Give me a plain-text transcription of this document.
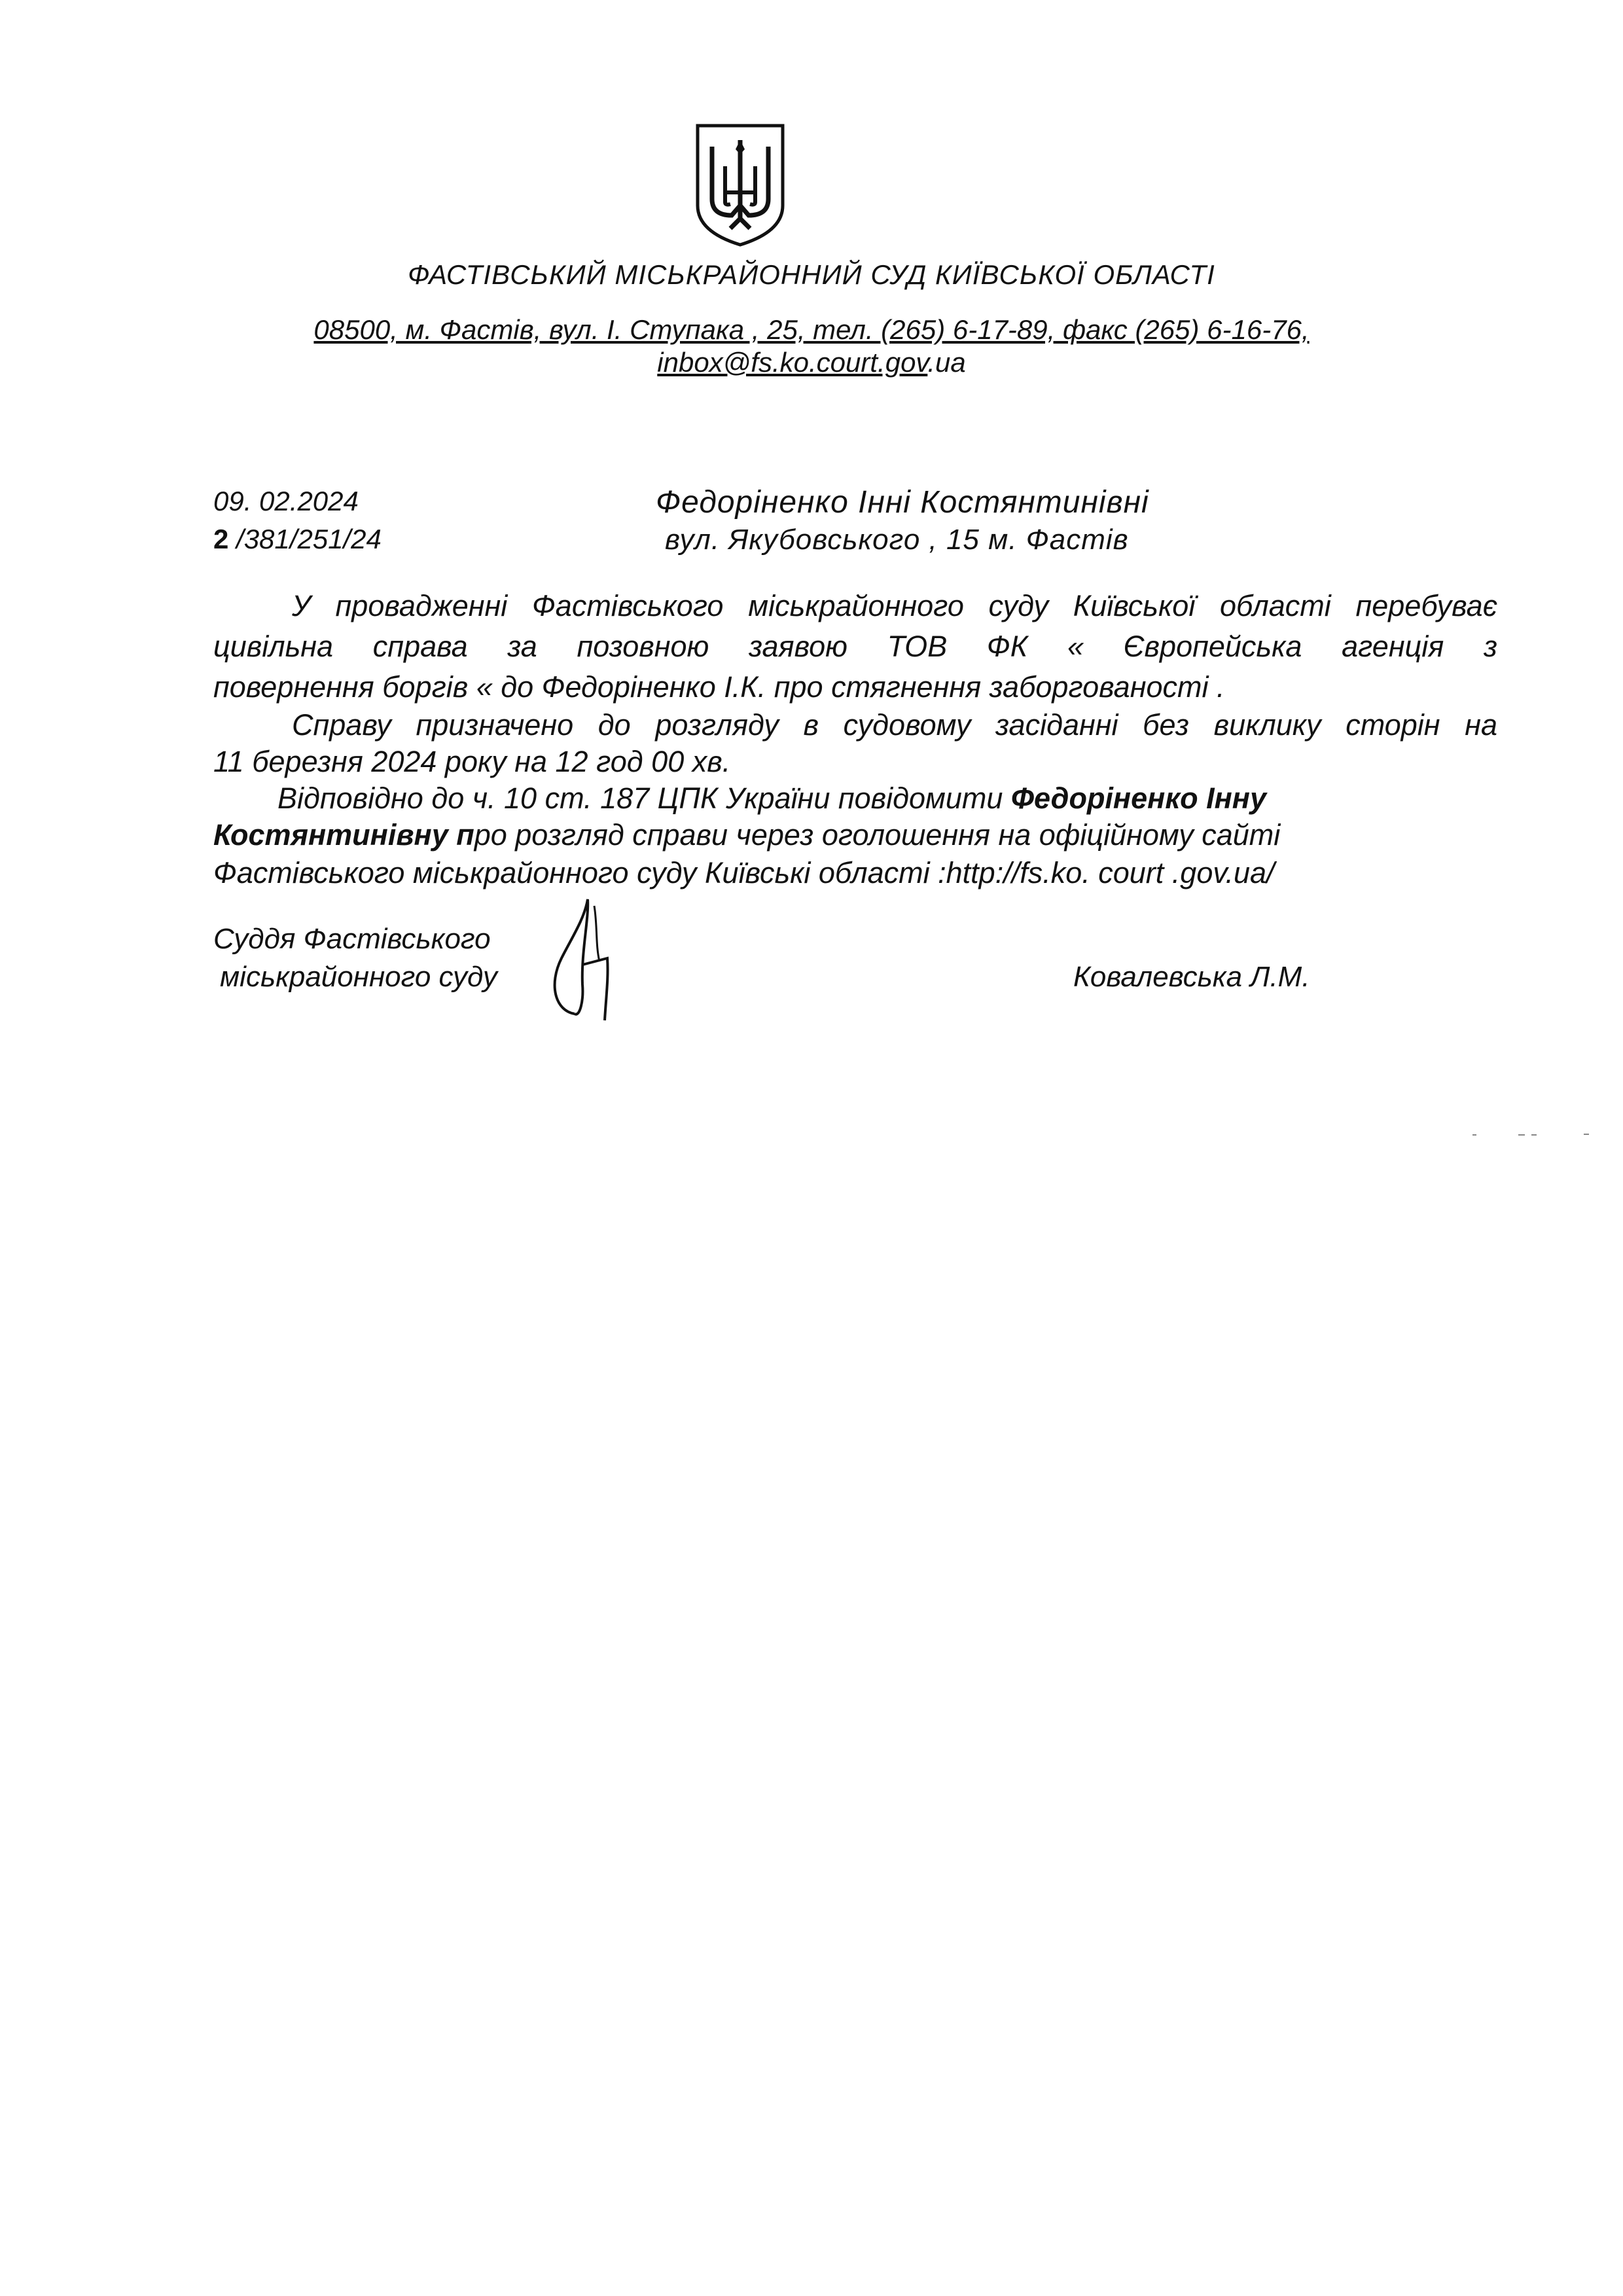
ФАСТІВСЬКИЙ МІСЬКРАЙОННИЙ СУД КИЇВСЬКОЇ ОБЛАСТІ
08500, м. Фастів, вул. І. Ступака , 25, тел. (265) 6-17-89, факс (265) 6-16-76,
inbox@fs.ko.court.gov.ua
09. 02.2024
2 /381/251/24
Федоріненко Інні Костянтинівні
вул. Якубовського , 15 м. Фастів
У провадженні Фастівського міськрайонного суду Київської області перебуває
цивільна справа за позовною заявою ТОВ ФК « Європейська агенція з
повернення боргів « до Федоріненко І.К. про стягнення заборгованості .
Справу призначено до розгляду в судовому засіданні без виклику сторін на
11 березня 2024 року на 12 год 00 хв.
Відповідно до ч. 10 ст. 187 ЦПК України повідомити Федоріненко Інну
Костянтинівну про розгляд справи через оголошення на офіційному сайті
Фастівського міськрайонного суду Київські області :http://fs.ko. court .gov.ua/
Суддя Фастівського
міськрайонного суду	Ковалевська Л.М.
